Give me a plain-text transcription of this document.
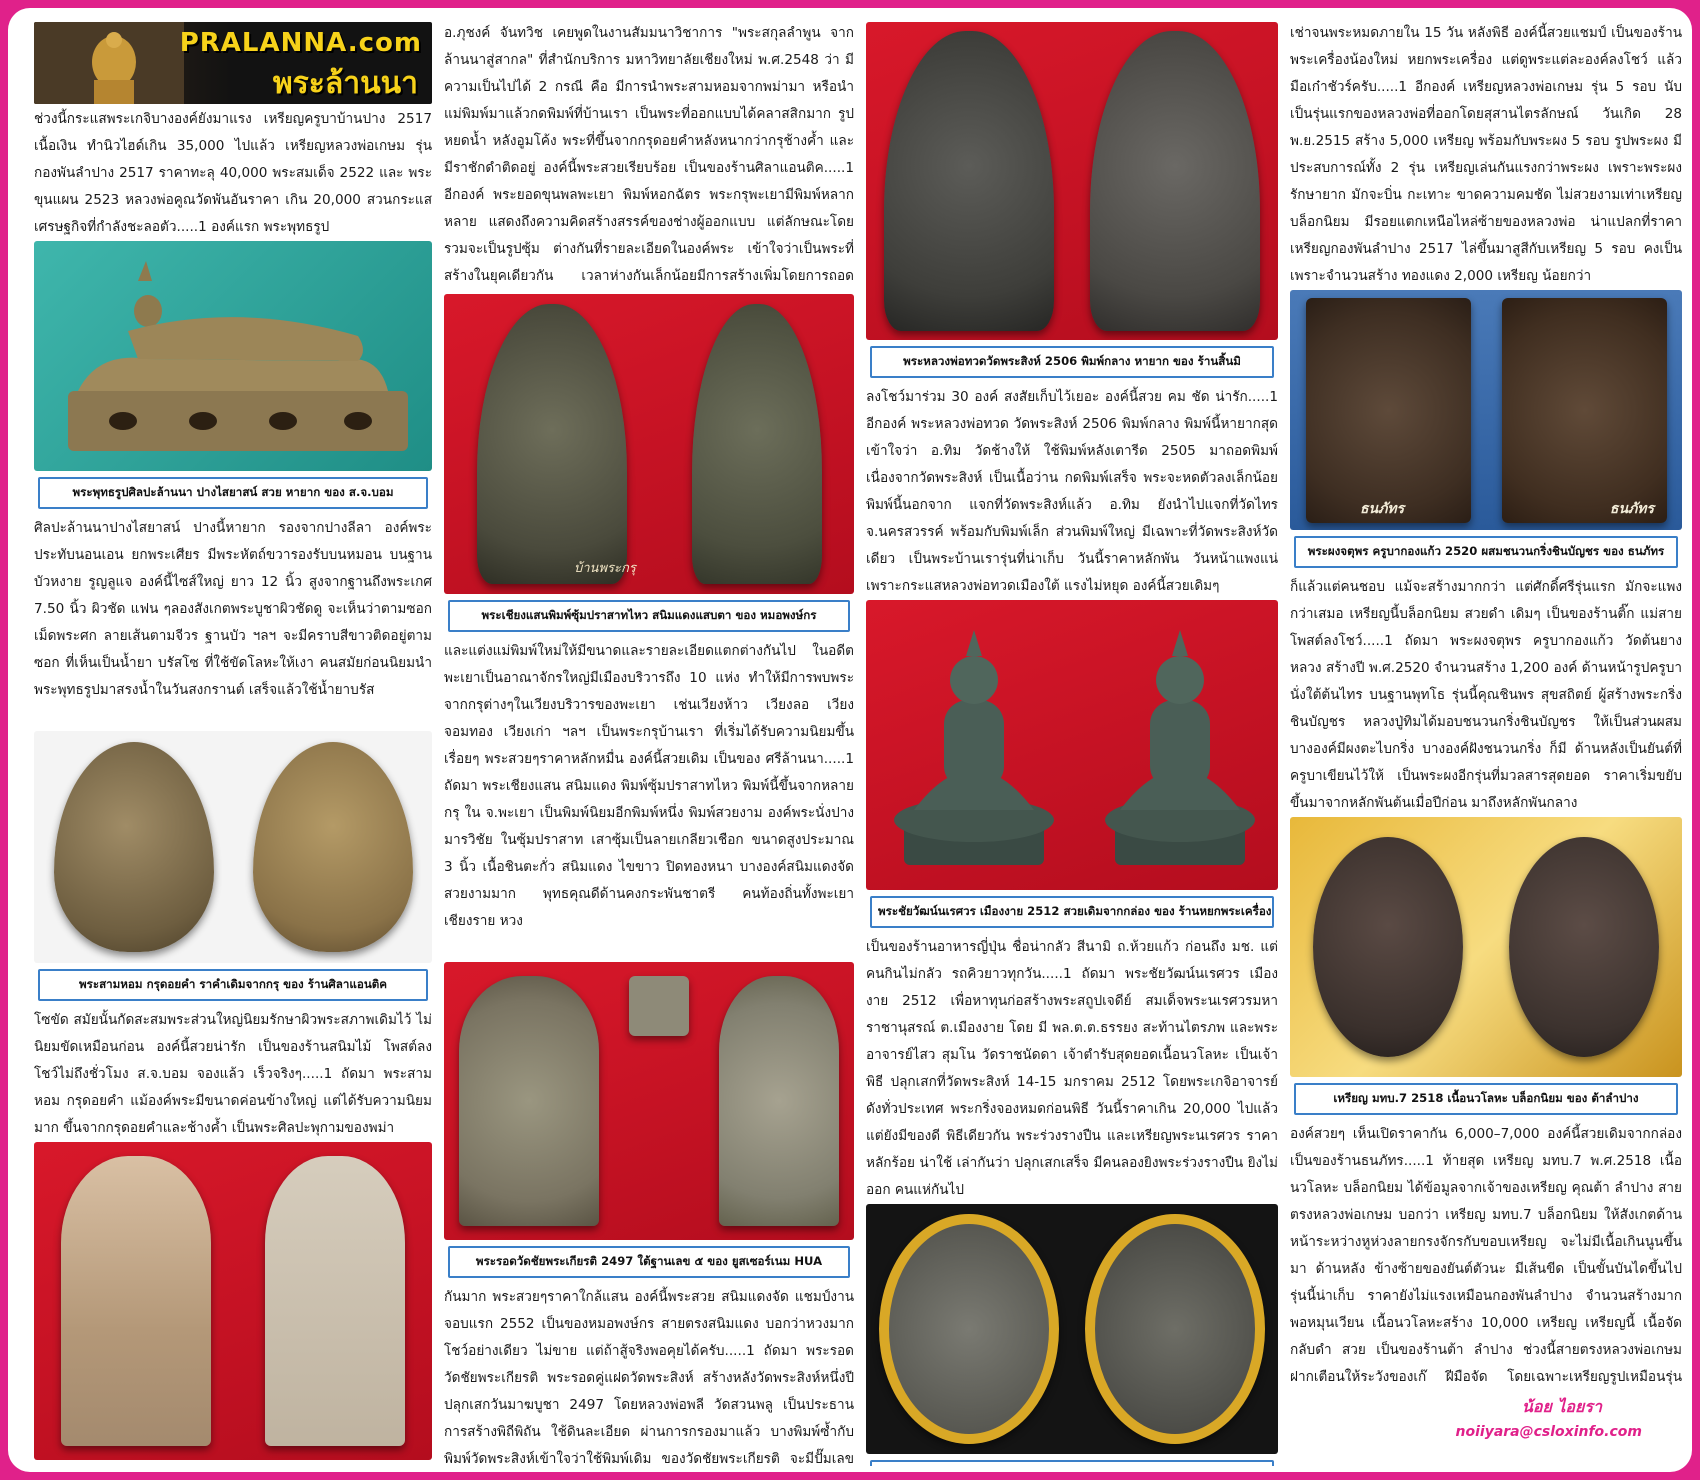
PRALANNA.com
พระล้านนา

ช่วงนี้กระแสพระเกจิบางองค์ยังมาแรง เหรียญครูบาบ้านปาง 2517 เนื้อเงิน ทำนิวไฮด์เกิน 35,000 ไปแล้ว เหรียญหลวงพ่อเกษม รุ่นกองพันลำปาง 2517 ราคาทะลุ 40,000 พระสมเด็จ 2522 และ พระขุนแผน 2523 หลวงพ่อคูณวัดพันอันราคา เกิน 20,000 สวนกระแสเศรษฐกิจที่กำลังชะลอตัว.....1 องค์แรก พระพุทธรูป

พระพุทธรูปศิลปะล้านนา ปางไสยาสน์ สวย หายาก ของ ส.จ.บอม

ศิลปะล้านนาปางไสยาสน์ ปางนี้หายาก รองจากปางลีลา องค์พระประทับนอนเอน ยกพระเศียร มีพระหัตถ์ขวารองรับบนหมอน บนฐานบัวหงาย รูญลูแจ องค์นี้ไซส์ใหญ่ ยาว 12 นิ้ว สูงจากฐานถึงพระเกศ 7.50 นิ้ว ผิวชัด แฟน ๆลองสังเกตพระบูชาผิวชัดดู จะเห็นว่าตามซอกเม็ดพระศก ลายเส้นตามจีวร ฐานบัว ฯลฯ จะมีคราบสีขาวติดอยู่ตามซอก ที่เห็นเป็นน้ำยา บรัสโซ ที่ใช้ขัดโลหะให้เงา คนสมัยก่อนนิยมนำพระพุทธรูปมาสรงน้ำในวันสงกรานต์ เสร็จแล้วใช้น้ำยาบรัส

พระสามหอม กรุดอยคำ ราคำเดิมจากกรุ ของ ร้านศิลาแอนติค

โซขัด สมัยนั้นกัดสะสมพระส่วนใหญ่นิยมรักษาผิวพระสภาพเดิมไว้ ไม่นิยมขัดเหมือนก่อน องค์นี้สวยน่ารัก เป็นของร้านสนิมไม้ โพสต์ลงโชว์ไม่ถึงชั่วโมง ส.จ.บอม จองแล้ว เร็วจริงๆ.....1 ถัดมา พระสามหอม กรุดอยคำ แม้องค์พระมีขนาดค่อนข้างใหญ่ แต่ได้รับความนิยมมาก ขึ้นจากกรุดอยคำและช้างค้ำ เป็นพระศิลปะพุกามของพม่า

อ.ภุชงค์ จันทวิช เคยพูดในงานสัมมนาวิชาการ "พระสกุลลำพูน จากล้านนาสู่สากล" ที่สำนักบริการ มหาวิทยาลัยเชียงใหม่ พ.ศ.2548 ว่า มีความเป็นไปได้ 2 กรณี คือ มีการนำพระสามหอมจากพม่ามา หรือนำแม่พิมพ์มาแล้วกดพิมพ์ที่บ้านเรา เป็นพระที่ออกแบบได้คลาสสิกมาก รูปหยดน้ำ หลังอูมโค้ง พระที่ขึ้นจากกรุดอยคำหลังหนากว่ากรุช้างค้ำ และมีราชักดำติดอยู่ องค์นี้พระสวยเรียบร้อย เป็นของร้านศิลาแอนติค.....1 อีกองค์ พระยอดขุนพลพะเยา พิมพ์หอกฉัตร พระกรุพะเยามีพิมพ์หลากหลาย แสดงถึงความคิดสร้างสรรค์ของช่างผู้ออกแบบ แต่ลักษณะโดยรวมจะเป็นรูปซุ้ม ต่างกันที่รายละเอียดในองค์พระ เข้าใจว่าเป็นพระที่สร้างในยุคเดียวกัน เวลาห่างกันเล็กน้อยมีการสร้างเพิ่มโดยการถอด

บ้านพระกรุ
พระเชียงแสนพิมพ์ซุ้มปราสาทไหว สนิมแดงแสบตา ของ หมอพงษ์กร

และแต่งแม่พิมพ์ใหม่ให้มีขนาดและรายละเอียดแตกต่างกันไป ในอดีตพะเยาเป็นอาณาจักรใหญ่มีเมืองบริวารถึง 10 แห่ง ทำให้มีการพบพระจากกรุต่างๆในเวียงบริวารของพะเยา เช่นเวียงห้าว เวียงลอ เวียงจอมทอง เวียงเก่า ฯลฯ เป็นพระกรุบ้านเรา ที่เริ่มได้รับความนิยมขึ้นเรื่อยๆ พระสวยๆราคาหลักหมื่น องค์นี้สวยเดิม เป็นของ ศรีล้านนา.....1 ถัดมา พระเชียงแสน สนิมแดง พิมพ์ซุ้มปราสาทไหว พิมพ์นี้ขึ้นจากหลายกรุ ใน จ.พะเยา เป็นพิมพ์นิยมอีกพิมพ์หนึ่ง พิมพ์สวยงาม องค์พระนั่งปางมารวิชัย ในซุ้มปราสาท เสาซุ้มเป็นลายเกลียวเชือก ขนาดสูงประมาณ 3 นิ้ว เนื้อชินตะกั่ว สนิมแดง ไขขาว ปิดทองหนา บางองค์สนิมแดงจัดสวยงามมาก พุทธคุณดีด้านคงกระพันชาตรี คนท้องถิ่นทั้งพะเยา เชียงราย หวง

พระรอดวัดชัยพระเกียรติ 2497 ใต้ฐานเลข ๕ ของ ยูสเซอร์เนม HUA

กันมาก พระสวยๆราคาใกล้แสน องค์นี้พระสวย สนิมแดงจัด แชมป์งานจอบแรก 2552 เป็นของหมอพงษ์กร สายตรงสนิมแดง บอกว่าหวงมาก โชว์อย่างเดียว ไม่ขาย แต่ถ้าสู้จริงพอคุยได้ครับ.....1 ถัดมา พระรอด วัดชัยพระเกียรติ พระรอดคู่แฝดวัดพระสิงห์ สร้างหลังวัดพระสิงห์หนึ่งปี ปลุกเสกวันมาฆบูชา 2497 โดยหลวงพ่อพลี วัดสวนพลู เป็นประธาน การสร้างพิถีพิถัน ใช้ดินละเอียด ผ่านการกรองมาแล้ว บางพิมพ์ซ้ำกับพิมพ์วัดพระสิงห์เข้าใจว่าใช้พิมพ์เดิม ของวัดชัยพระเกียรติ จะมีปั๊มเลข

พระหลวงพ่อทวดวัดพระสิงห์ 2506 พิมพ์กลาง หายาก ของ ร้านสิ้นมิ

ลงโชว์มาร่วม 30 องค์ สงสัยเก็บไว้เยอะ องค์นี้สวย คม ชัด น่ารัก.....1 อีกองค์ พระหลวงพ่อทวด วัดพระสิงห์ 2506 พิมพ์กลาง พิมพ์นี้หายากสุด เข้าใจว่า อ.ทิม วัดช้างให้ ใช้พิมพ์หลังเตารีด 2505 มาถอดพิมพ์ เนื่องจากวัดพระสิงห์ เป็นเนื้อว่าน กดพิมพ์เสร็จ พระจะหดตัวลงเล็กน้อย พิมพ์นี้นอกจาก แจกที่วัดพระสิงห์แล้ว อ.ทิม ยังนำไปแจกที่วัดไทร จ.นครสวรรค์ พร้อมกับพิมพ์เล็ก ส่วนพิมพ์ใหญ่ มีเฉพาะที่วัดพระสิงห์วัดเดียว เป็นพระบ้านเรารุ่นที่น่าเก็บ วันนี้ราคาหลักพัน วันหน้าแพงแน่ เพราะกระแสหลวงพ่อทวดเมืองใต้ แรงไม่หยุด องค์นี้สวยเดิมๆ

พระชัยวัฒน์นเรศวร เมืองงาย 2512 สวยเดิมจากกล่อง ของ ร้านหยกพระเครื่อง

เป็นของร้านอาหารญี่ปุ่น ชื่อน่ากลัว สีนามิ ถ.ห้วยแก้ว ก่อนถึง มช. แต่คนกินไม่กลัว รถคิวยาวทุกวัน.....1 ถัดมา พระชัยวัฒน์นเรศวร เมืองงาย 2512 เพื่อหาทุนก่อสร้างพระสถูปเจดีย์ สมเด็จพระนเรศวรมหาราชานุสรณ์ ต.เมืองงาย โดย มี พล.ต.ต.ธรรยง สะท้านไตรภพ และพระอาจารย์ไสว สุมโน วัดราชนัดดา เจ้าตำรับสุดยอดเนื้อนวโลหะ เป็นเจ้าพิธี ปลุกเสกที่วัดพระสิงห์ 14-15 มกราคม 2512 โดยพระเกจิอาจารย์ดังทั่วประเทศ พระกริ่งจองหมดก่อนพิธี วันนี้ราคาเกิน 20,000 ไปแล้ว แต่ยังมีของดี พิธีเดียวกัน พระร่วงรางปืน และเหรียญพระนเรศวร ราคาหลักร้อย น่าใช้ เล่ากันว่า ปลุกเสกเสร็จ มีคนลองยิงพระร่วงรางปืน ยิงไม่ออก คนแห่กันไป

เช่าจนพระหมดภายใน 15 วัน หลังพิธี องค์นี้สวยแชมป์ เป็นของร้านพระเครื่องน้องใหม่ หยกพระเครื่อง แต่ดูพระแต่ละองค์ลงโชว์ แล้วมือเก๋าชัวร์ครับ.....1 อีกองค์ เหรียญหลวงพ่อเกษม รุ่น 5 รอบ นับเป็นรุ่นแรกของหลวงพ่อที่ออกโดยสุสานไตรลักษณ์ วันเกิด 28 พ.ย.2515 สร้าง 5,000 เหรียญ พร้อมกับพระผง 5 รอบ รูปพระผง มีประสบการณ์ทั้ง 2 รุ่น เหรียญเล่นกันแรงกว่าพระผง เพราะพระผง รักษายาก มักจะบิ่น กะเทาะ ขาดความคมชัด ไม่สวยงามเท่าเหรียญ บล็อกนิยม มีรอยแตกเหนือไหล่ซ้ายของหลวงพ่อ น่าแปลกที่ราคาเหรียญกองพันลำปาง 2517 ไล่ขึ้นมาสูสีกับเหรียญ 5 รอบ คงเป็นเพราะจำนวนสร้าง ทองแดง 2,000 เหรียญ น้อยกว่า

ธนภัทร	ธนภัทร
พระผงจตุพร ครูบากองแก้ว 2520 ผสมชนวนกริ่งชินบัญชร ของ ธนภัทร

ก็แล้วแต่คนชอบ แม้จะสร้างมากกว่า แต่ศักดิ์ศรีรุ่นแรก มักจะแพงกว่าเสมอ เหรียญนี้บล็อกนิยม สวยดำ เดิมๆ เป็นของร้านติ๊ก แม่สาย โพสต์ลงโชว์.....1 ถัดมา พระผงจตุพร ครูบากองแก้ว วัดต้นยางหลวง สร้างปี พ.ศ.2520 จำนวนสร้าง 1,200 องค์ ด้านหน้ารูปครูบา นั่งใต้ต้นไทร บนฐานพุทโธ รุ่นนี้คุณชินพร สุขสถิตย์ ผู้สร้างพระกริ่งชินบัญชร หลวงปู่ทิมได้มอบชนวนกริ่งชินบัญชร ให้เป็นส่วนผสม บางองค์มีผงตะไบกริ่ง บางองค์ฝังชนวนกริ่ง ก็มี ด้านหลังเป็นยันต์ที่ครูบาเขียนไว้ให้ เป็นพระผงอีกรุ่นที่มวลสารสุดยอด ราคาเริ่มขยับขึ้นมาจากหลักพันต้นเมื่อปีก่อน มาถึงหลักพันกลาง

เหรียญ มทบ.7 2518 เนื้อนวโลหะ บล็อกนิยม ของ ต้าลำปาง

องค์สวยๆ เห็นเปิดราคากัน 6,000–7,000 องค์นี้สวยเดิมจากกล่อง เป็นของร้านธนภัทร.....1 ท้ายสุด เหรียญ มทบ.7 พ.ศ.2518 เนื้อนวโลหะ บล็อกนิยม ได้ข้อมูลจากเจ้าของเหรียญ คุณต้า ลำปาง สายตรงหลวงพ่อเกษม บอกว่า เหรียญ มทบ.7 บล็อกนิยม ให้สังเกตด้านหน้าระหว่างหูห่วงลายกรงจักรกับขอบเหรียญ จะไม่มีเนื้อเกินนูนขึ้นมา ด้านหลัง ข้างซ้ายของยันต์ตัวนะ มีเส้นขีด เป็นขั้นบันไดขึ้นไป รุ่นนี้น่าเก็บ ราคายังไม่แรงเหมือนกองพันลำปาง จำนวนสร้างมาก พอหมุนเวียน เนื้อนวโลหะสร้าง 10,000 เหรียญ เหรียญนี้ เนื้อจัด กลับดำ สวย เป็นของร้านต้า ลำปาง ช่วงนี้สายตรงหลวงพ่อเกษม ฝากเตือนให้ระวังของเก๊ ฝีมือจัด โดยเฉพาะเหรียญรูปเหมือนรุ่น

น้อย ไอยรา
noiiyara@csloxinfo.com
